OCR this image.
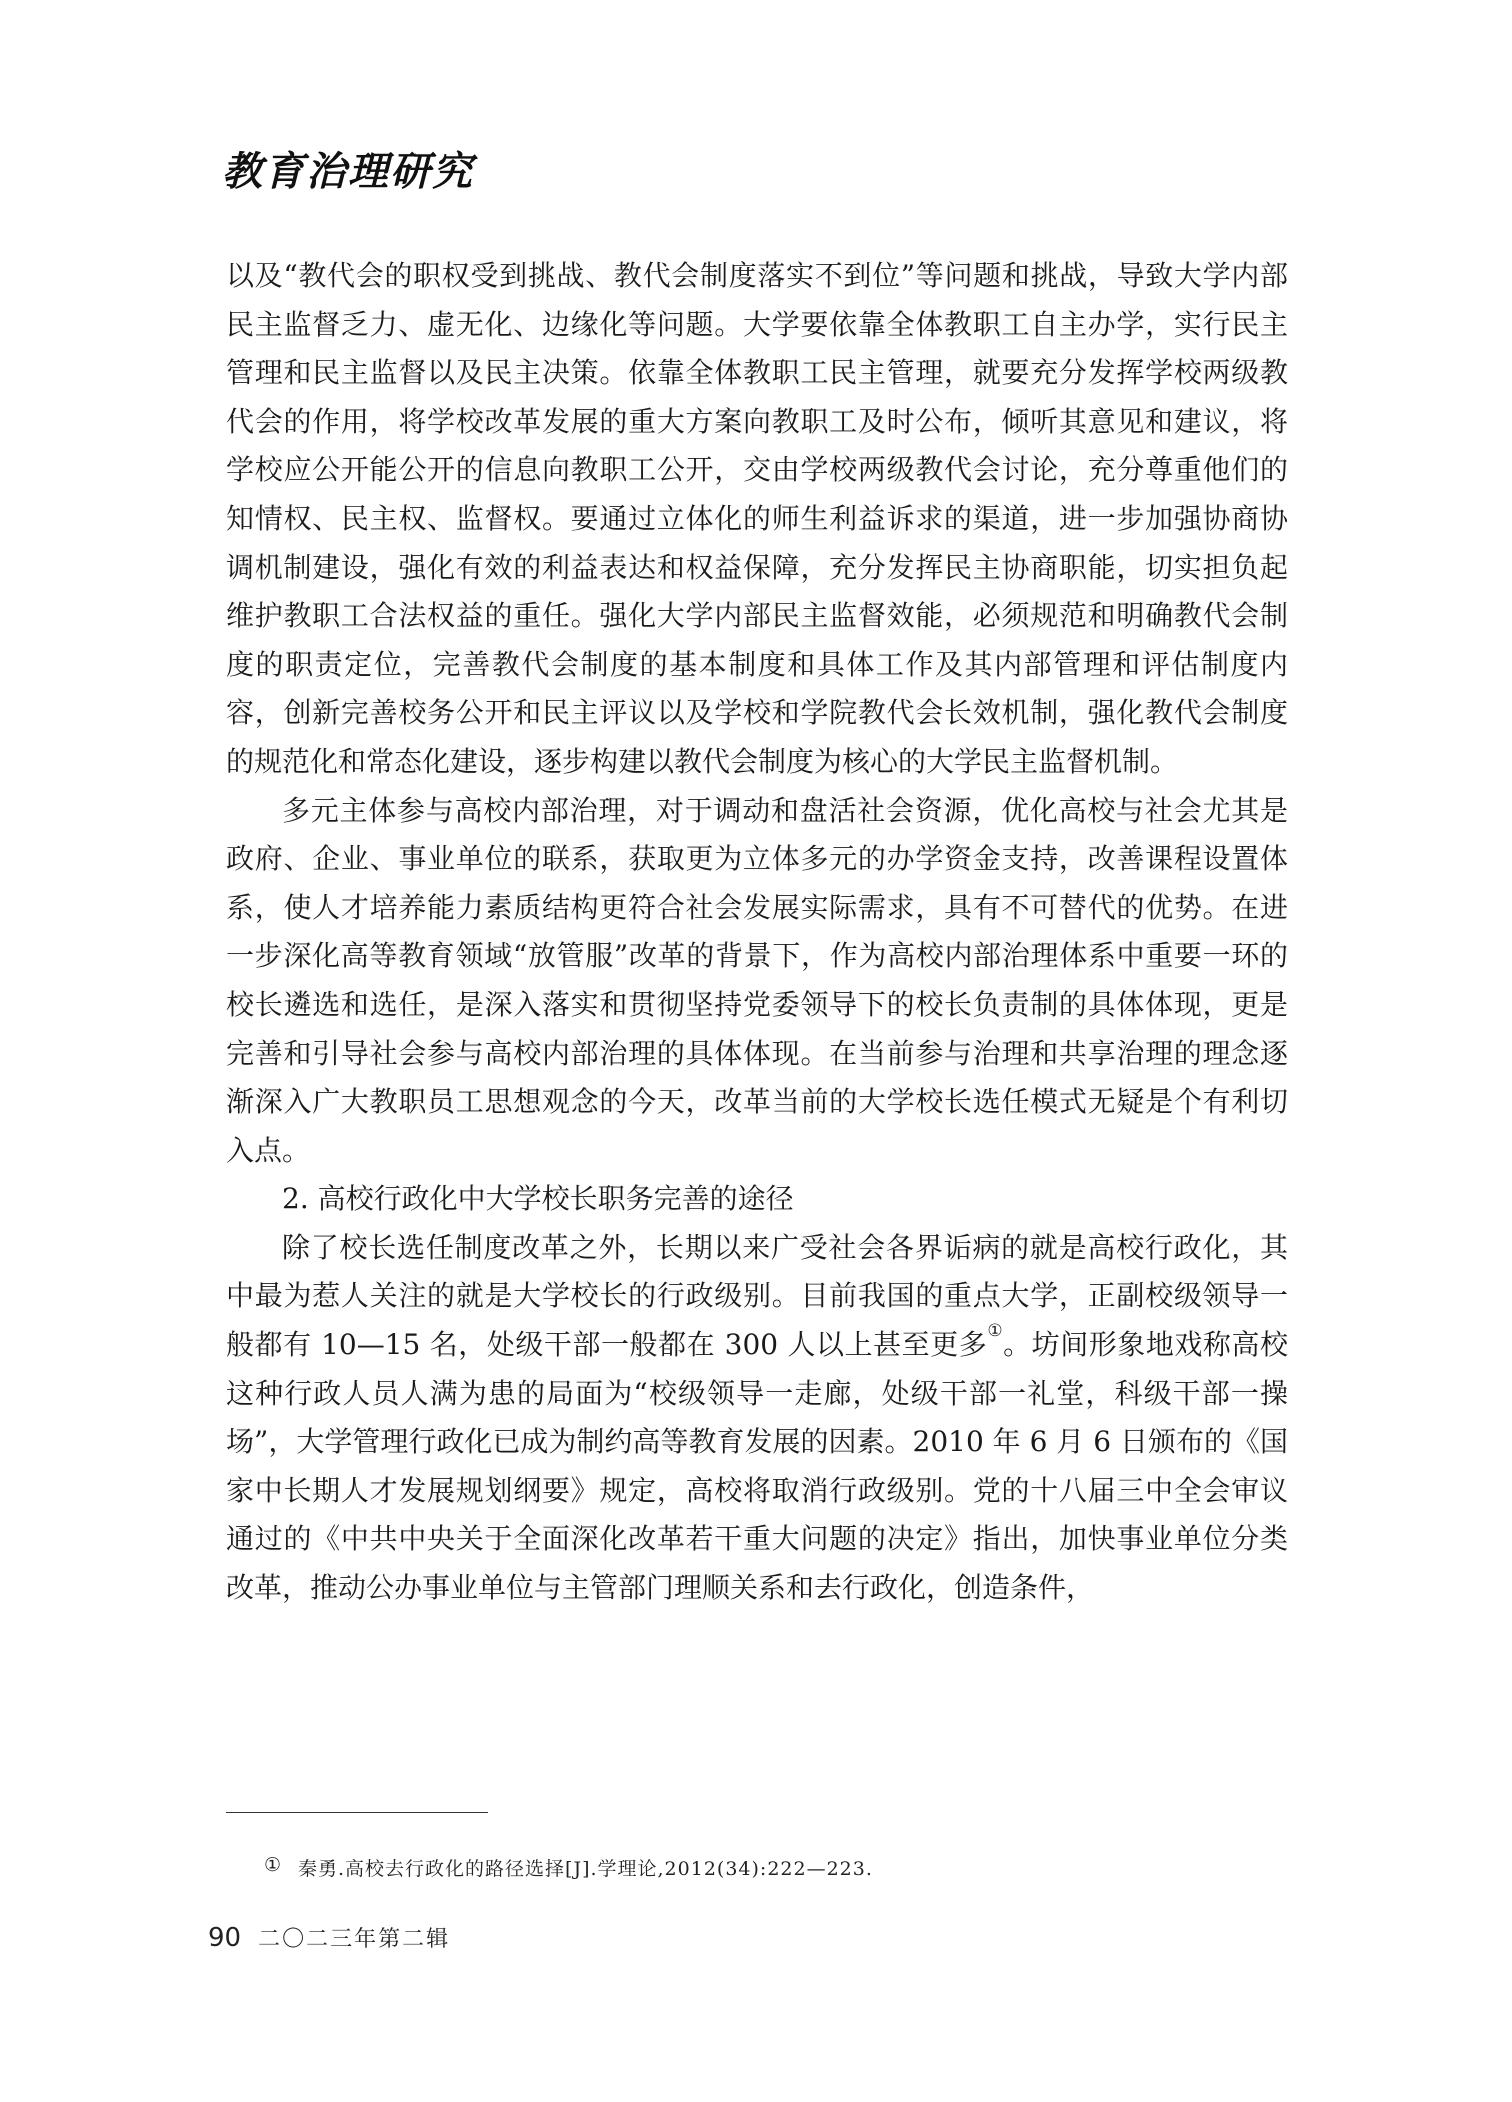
教育治理研究

以及“教代会的职权受到挑战、教代会制度落实不到位”等问题和挑战，导致大学内部民主监督乏力、虚无化、边缘化等问题。大学要依靠全体教职工自主办学，实行民主管理和民主监督以及民主决策。依靠全体教职工民主管理，就要充分发挥学校两级教代会的作用，将学校改革发展的重大方案向教职工及时公布，倾听其意见和建议，将学校应公开能公开的信息向教职工公开，交由学校两级教代会讨论，充分尊重他们的知情权、民主权、监督权。要通过立体化的师生利益诉求的渠道，进一步加强协商协调机制建设，强化有效的利益表达和权益保障，充分发挥民主协商职能，切实担负起维护教职工合法权益的重任。强化大学内部民主监督效能，必须规范和明确教代会制度的职责定位，完善教代会制度的基本制度和具体工作及其内部管理和评估制度内容，创新完善校务公开和民主评议以及学校和学院教代会长效机制，强化教代会制度的规范化和常态化建设，逐步构建以教代会制度为核心的大学民主监督机制。

多元主体参与高校内部治理，对于调动和盘活社会资源，优化高校与社会尤其是政府、企业、事业单位的联系，获取更为立体多元的办学资金支持，改善课程设置体系，使人才培养能力素质结构更符合社会发展实际需求，具有不可替代的优势。在进一步深化高等教育领域“放管服”改革的背景下，作为高校内部治理体系中重要一环的校长遴选和选任，是深入落实和贯彻坚持党委领导下的校长负责制的具体体现，更是完善和引导社会参与高校内部治理的具体体现。在当前参与治理和共享治理的理念逐渐深入广大教职员工思想观念的今天，改革当前的大学校长选任模式无疑是个有利切入点。

2. 高校行政化中大学校长职务完善的途径

除了校长选任制度改革之外，长期以来广受社会各界诟病的就是高校行政化，其中最为惹人关注的就是大学校长的行政级别。目前我国的重点大学，正副校级领导一般都有 10—15 名，处级干部一般都在 300 人以上甚至更多①。坊间形象地戏称高校这种行政人员人满为患的局面为“校级领导一走廊，处级干部一礼堂，科级干部一操场”，大学管理行政化已成为制约高等教育发展的因素。2010 年 6 月 6 日颁布的《国家中长期人才发展规划纲要》规定，高校将取消行政级别。党的十八届三中全会审议通过的《中共中央关于全面深化改革若干重大问题的决定》指出，加快事业单位分类改革，推动公办事业单位与主管部门理顺关系和去行政化，创造条件，

① 秦勇.高校去行政化的路径选择[J].学理论,2012(34):222—223.
90 二〇二三年第二辑
